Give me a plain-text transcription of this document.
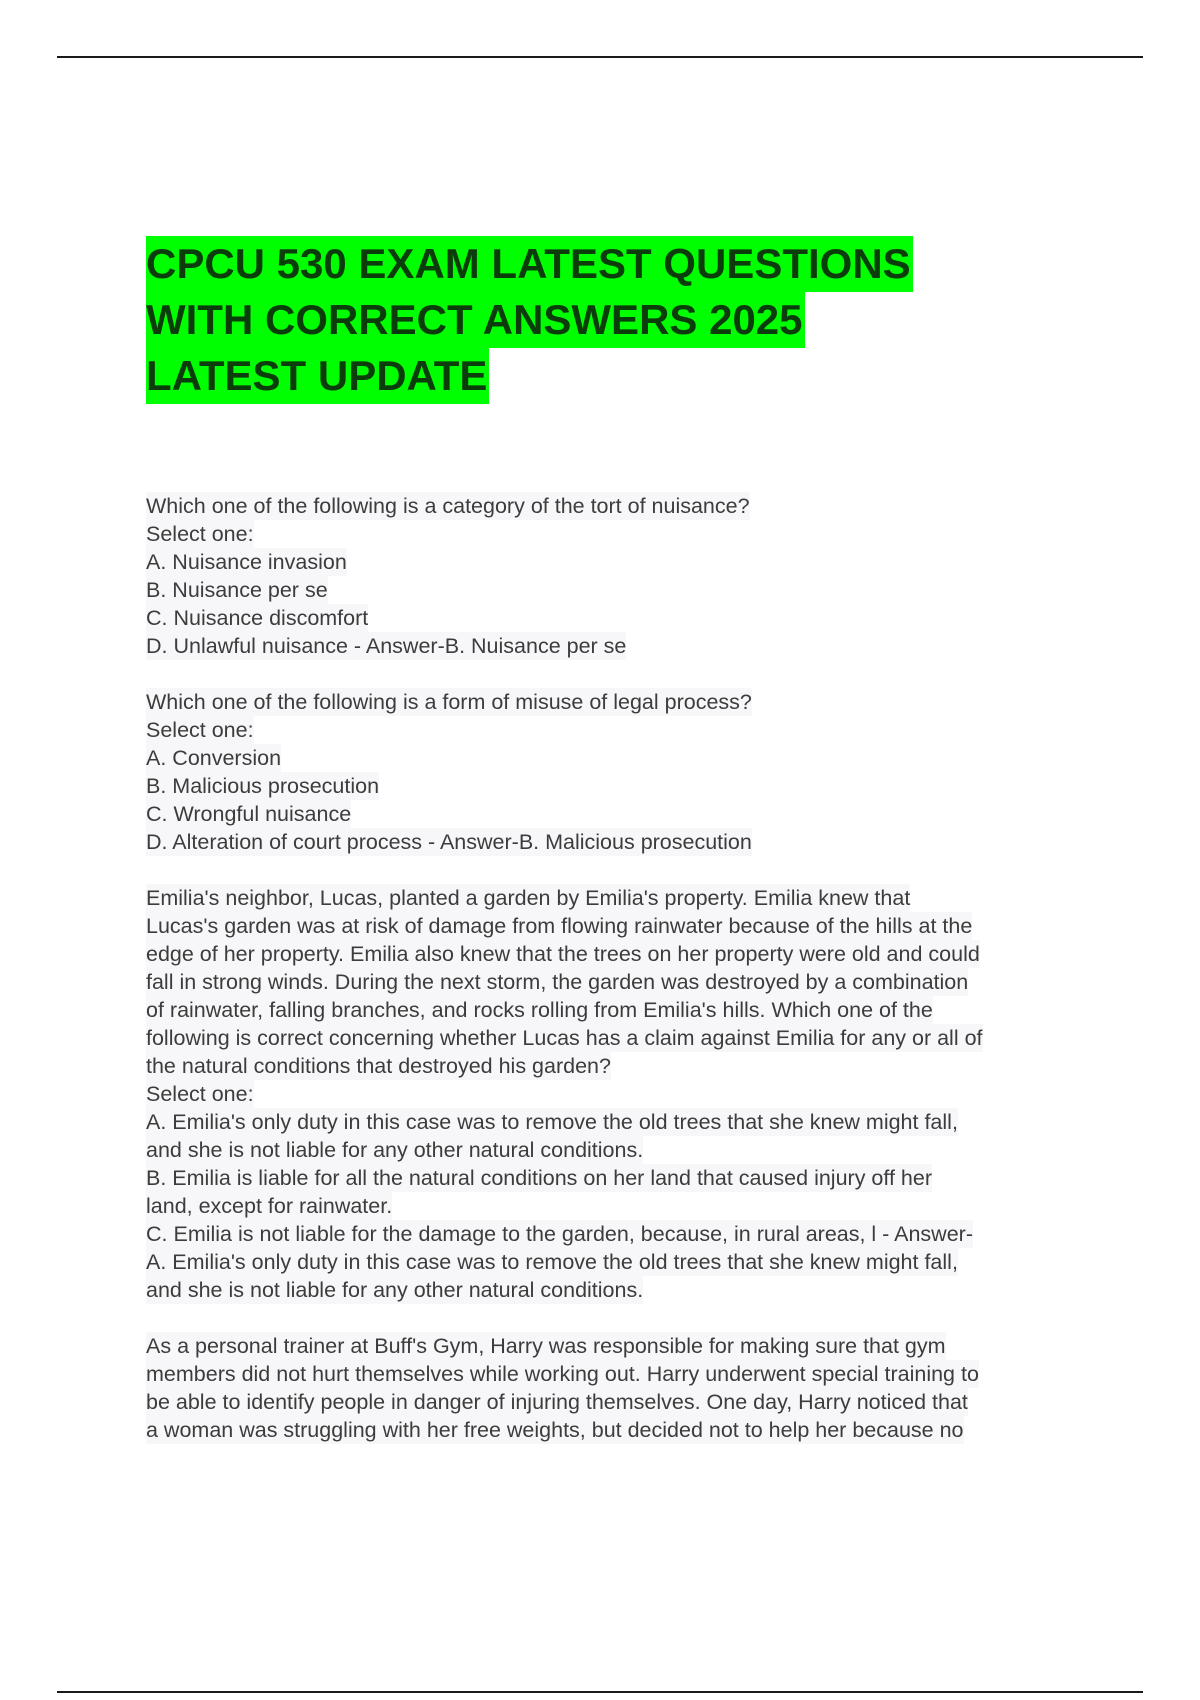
CPCU 530 EXAM LATEST QUESTIONS
WITH CORRECT ANSWERS 2025
LATEST UPDATE
Which one of the following is a category of the tort of nuisance?
Select one:
A. Nuisance invasion
B. Nuisance per se
C. Nuisance discomfort
D. Unlawful nuisance - Answer-B. Nuisance per se
Which one of the following is a form of misuse of legal process?
Select one:
A. Conversion
B. Malicious prosecution
C. Wrongful nuisance
D. Alteration of court process - Answer-B. Malicious prosecution
Emilia's neighbor, Lucas, planted a garden by Emilia's property. Emilia knew that
Lucas's garden was at risk of damage from flowing rainwater because of the hills at the
edge of her property. Emilia also knew that the trees on her property were old and could
fall in strong winds. During the next storm, the garden was destroyed by a combination
of rainwater, falling branches, and rocks rolling from Emilia's hills. Which one of the
following is correct concerning whether Lucas has a claim against Emilia for any or all of
the natural conditions that destroyed his garden?
Select one:
A. Emilia's only duty in this case was to remove the old trees that she knew might fall,
and she is not liable for any other natural conditions.
B. Emilia is liable for all the natural conditions on her land that caused injury off her
land, except for rainwater.
C. Emilia is not liable for the damage to the garden, because, in rural areas, l - Answer-
A. Emilia's only duty in this case was to remove the old trees that she knew might fall,
and she is not liable for any other natural conditions.
As a personal trainer at Buff's Gym, Harry was responsible for making sure that gym
members did not hurt themselves while working out. Harry underwent special training to
be able to identify people in danger of injuring themselves. One day, Harry noticed that
a woman was struggling with her free weights, but decided not to help her because no
